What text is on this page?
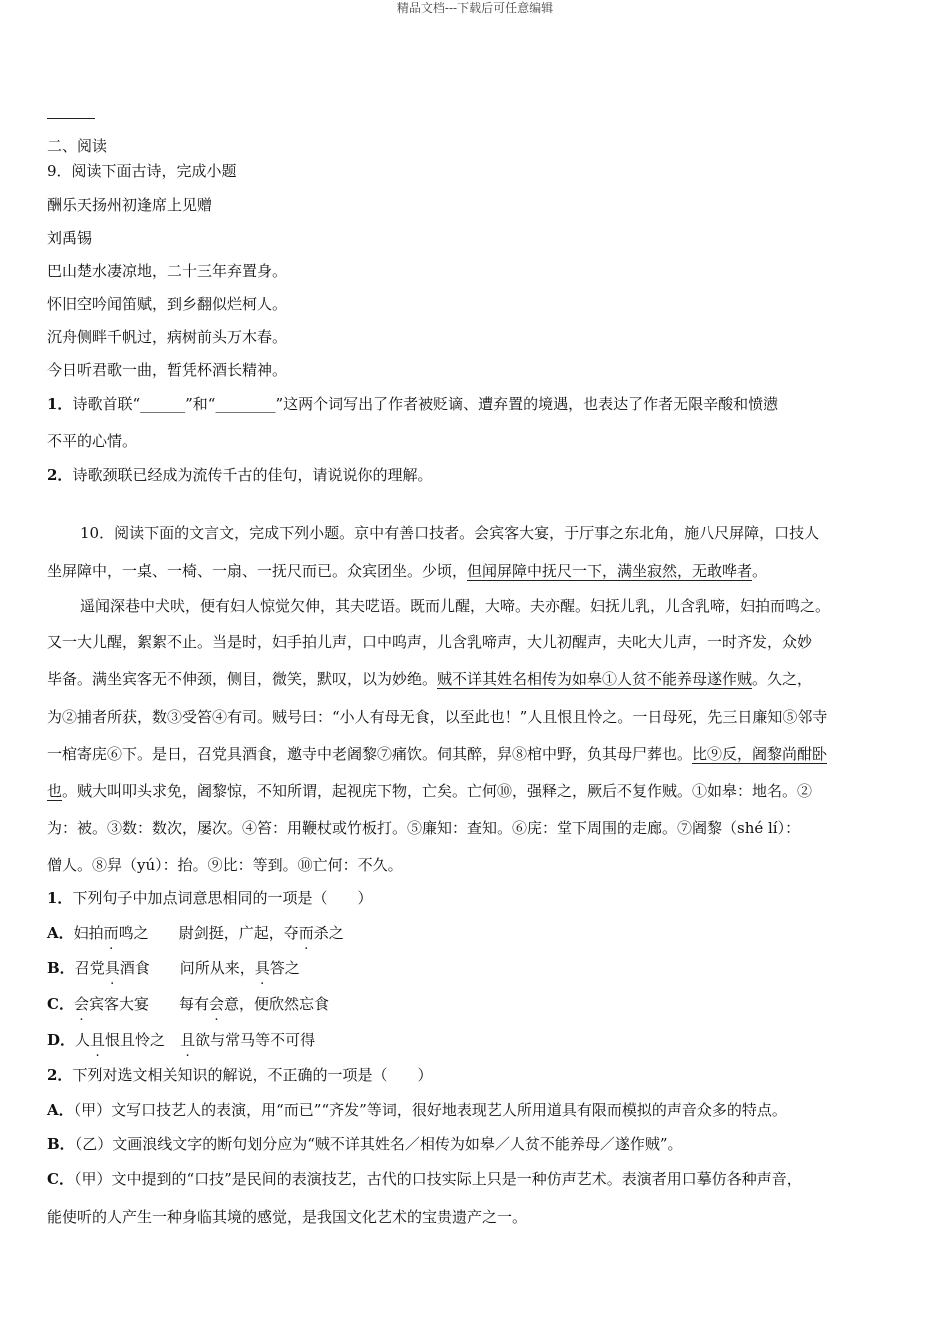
精品文档---下载后可任意编辑
二、阅读
9．阅读下面古诗，完成小题
酬乐天扬州初逢席上见赠
刘禹锡
巴山楚水凄凉地，二十三年弃置身。
怀旧空吟闻笛赋，到乡翻似烂柯人。
沉舟侧畔千帆过，病树前头万木春。
今日听君歌一曲，暂凭杯酒长精神。
1．诗歌首联“______”和“________”这两个词写出了作者被贬谪、遭弃置的境遇，也表达了作者无限辛酸和愤懑
不平的心情。
2．诗歌颈联已经成为流传千古的佳句，请说说你的理解。
10．阅读下面的文言文，完成下列小题。京中有善口技者。会宾客大宴，于厅事之东北角，施八尺屏障，口技人
坐屏障中，一桌、一椅、一扇、一抚尺而已。众宾团坐。少顷，但闻屏障中抚尺一下，满坐寂然，无敢哗者。
遥闻深巷中犬吠，便有妇人惊觉欠伸，其夫呓语。既而儿醒，大啼。夫亦醒。妇抚儿乳，儿含乳啼，妇拍而鸣之。
又一大儿醒，絮絮不止。当是时，妇手拍儿声，口中呜声，儿含乳啼声，大儿初醒声，夫叱大儿声，一时齐发，众妙
毕备。满坐宾客无不伸颈，侧目，微笑，默叹，以为妙绝。贼不详其姓名相传为如皋①人贫不能养母遂作贼。久之，
为②捕者所获，数③受笞④有司。贼号曰：“小人有母无食，以至此也！”人且恨且怜之。一日母死，先三日廉知⑤邻寺
一棺寄庑⑥下。是日，召党具酒食，邀寺中老阇黎⑦痛饮。伺其醉，舁⑧棺中野，负其母尸葬也。比⑨反，阇黎尚酣卧
也。贼大叫叩头求免，阇黎惊，不知所谓，起视庑下物，亡矣。亡何⑩，强释之，厥后不复作贼。①如皋：地名。②
为：被。③数：数次，屡次。④笞：用鞭杖或竹板打。⑤廉知：查知。⑥庑：堂下周围的走廊。⑦阇黎（shé lí）：
僧人。⑧舁（yú）：抬。⑨比：等到。⑩亡何：不久。
1．下列句子中加点词意思相同的一项是（　　）
A．妇拍而鸣之 尉剑挺，广起，夺而杀之
B．召党具酒食 问所从来，具答之
C．会宾客大宴 每有会意，便欣然忘食
D．人且恨且怜之 且欲与常马等不可得
2．下列对选文相关知识的解说，不正确的一项是（　　）
A．（甲）文写口技艺人的表演，用“而已”“齐发”等词，很好地表现艺人所用道具有限而模拟的声音众多的特点。
B．（乙）文画浪线文字的断句划分应为“贼不详其姓名／相传为如皋／人贫不能养母／遂作贼”。
C．（甲）文中提到的“口技”是民间的表演技艺，古代的口技实际上只是一种仿声艺术。表演者用口摹仿各种声音，
能使听的人产生一种身临其境的感觉，是我国文化艺术的宝贵遗产之一。
